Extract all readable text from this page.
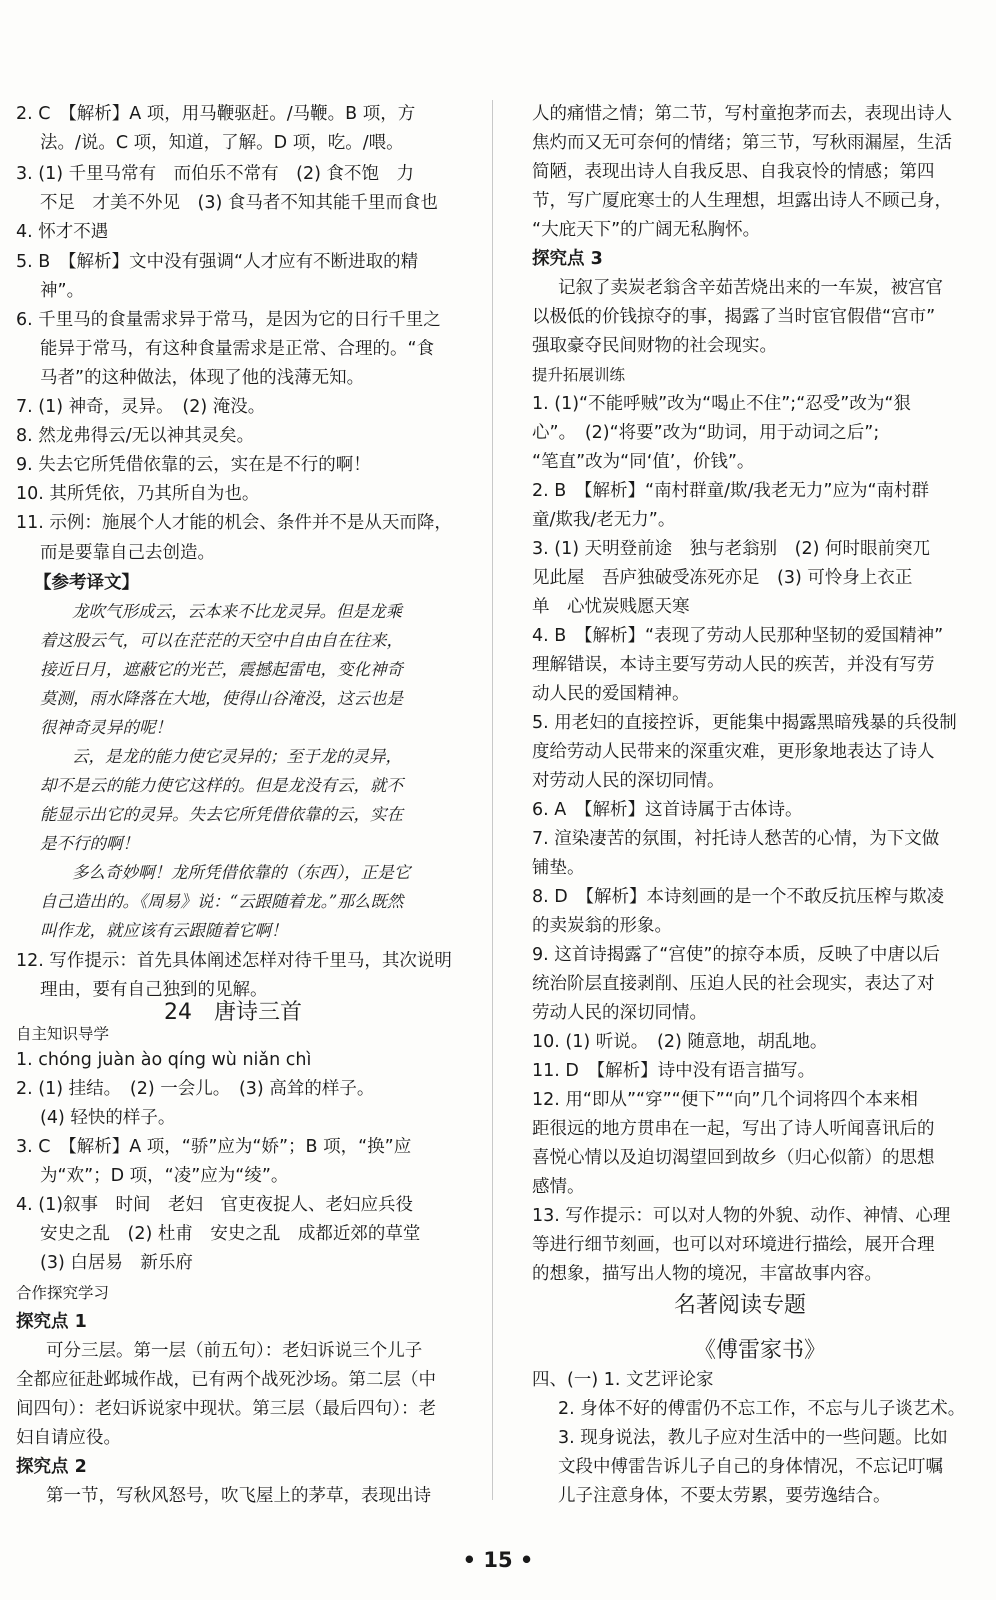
2. C　【解析】A 项，用马鞭驱赶。/马鞭。B 项，方
法。/说。C 项，知道，了解。D 项，吃。/喂。
3. (1) 千里马常有　而伯乐不常有　(2) 食不饱　力
不足　才美不外见　(3) 食马者不知其能千里而食也
4. 怀才不遇
5. B　【解析】文中没有强调“人才应有不断进取的精
神”。
6. 千里马的食量需求异于常马，是因为它的日行千里之
能异于常马，有这种食量需求是正常、合理的。“食
马者”的这种做法，体现了他的浅薄无知。
7. (1) 神奇，灵异。　(2) 淹没。
8. 然龙弗得云/无以神其灵矣。
9. 失去它所凭借依靠的云，实在是不行的啊！
10. 其所凭依，乃其所自为也。
11. 示例：施展个人才能的机会、条件并不是从天而降，
而是要靠自己去创造。
【参考译文】
龙吹气形成云，云本来不比龙灵异。但是龙乘
着这股云气，可以在茫茫的天空中自由自在往来，
接近日月，遮蔽它的光芒，震撼起雷电，变化神奇
莫测，雨水降落在大地，使得山谷淹没，这云也是
很神奇灵异的呢！
云，是龙的能力使它灵异的；至于龙的灵异，
却不是云的能力使它这样的。但是龙没有云，就不
能显示出它的灵异。失去它所凭借依靠的云，实在
是不行的啊！
多么奇妙啊！龙所凭借依靠的（东西），正是它
自己造出的。《周易》说：“云跟随着龙。”那么既然
叫作龙，就应该有云跟随着它啊！
12. 写作提示：首先具体阐述怎样对待千里马，其次说明
理由，要有自己独到的见解。
24　唐诗三首
自主知识导学
1. chóng juàn ào qíng wù niǎn chì
2. (1) 挂结。　(2) 一会儿。　(3) 高耸的样子。
(4) 轻快的样子。
3. C　【解析】A 项，“骄”应为“娇”；B 项，“换”应
为“欢”；D 项，“凌”应为“绫”。
4. (1)叙事　时间　老妇　官吏夜捉人、老妇应兵役
安史之乱　(2) 杜甫　安史之乱　成都近郊的草堂
(3) 白居易　新乐府
合作探究学习
探究点 1
可分三层。第一层（前五句）：老妇诉说三个儿子
全都应征赴邺城作战，已有两个战死沙场。第二层（中
间四句）：老妇诉说家中现状。第三层（最后四句）：老
妇自请应役。
探究点 2
第一节，写秋风怒号，吹飞屋上的茅草，表现出诗
人的痛惜之情；第二节，写村童抱茅而去，表现出诗人
焦灼而又无可奈何的情绪；第三节，写秋雨漏屋，生活
简陋，表现出诗人自我反思、自我哀怜的情感；第四
节，写广厦庇寒士的人生理想，坦露出诗人不顾己身，
“大庇天下”的广阔无私胸怀。
探究点 3
记叙了卖炭老翁含辛茹苦烧出来的一车炭，被宫官
以极低的价钱掠夺的事，揭露了当时宦官假借“宫市”
强取豪夺民间财物的社会现实。
提升拓展训练
1. (1)“不能呼贼”改为“喝止不住”;“忍受”改为“狠
心”。　(2)“将要”改为“助词，用于动词之后”;
“笔直”改为“同‘值’，价钱”。
2. B　【解析】“南村群童/欺/我老无力”应为“南村群
童/欺我/老无力”。
3. (1) 天明登前途　独与老翁别　(2) 何时眼前突兀
见此屋　吾庐独破受冻死亦足　(3) 可怜身上衣正
单　心忧炭贱愿天寒
4. B　【解析】“表现了劳动人民那种坚韧的爱国精神”
理解错误，本诗主要写劳动人民的疾苦，并没有写劳
动人民的爱国精神。
5. 用老妇的直接控诉，更能集中揭露黑暗残暴的兵役制
度给劳动人民带来的深重灾难，更形象地表达了诗人
对劳动人民的深切同情。
6. A　【解析】这首诗属于古体诗。
7. 渲染凄苦的氛围，衬托诗人愁苦的心情，为下文做
铺垫。
8. D　【解析】本诗刻画的是一个不敢反抗压榨与欺凌
的卖炭翁的形象。
9. 这首诗揭露了“宫使”的掠夺本质，反映了中唐以后
统治阶层直接剥削、压迫人民的社会现实，表达了对
劳动人民的深切同情。
10. (1) 听说。　(2) 随意地，胡乱地。
11. D　【解析】诗中没有语言描写。
12. 用“即从”“穿”“便下”“向”几个词将四个本来相
距很远的地方贯串在一起，写出了诗人听闻喜讯后的
喜悦心情以及迫切渴望回到故乡（归心似箭）的思想
感情。
13. 写作提示：可以对人物的外貌、动作、神情、心理
等进行细节刻画，也可以对环境进行描绘，展开合理
的想象，描写出人物的境况，丰富故事内容。
名著阅读专题
《傅雷家书》
四、(一) 1. 文艺评论家
2. 身体不好的傅雷仍不忘工作，不忘与儿子谈艺术。
3. 现身说法，教儿子应对生活中的一些问题。比如
文段中傅雷告诉儿子自己的身体情况，不忘记叮嘱
儿子注意身体，不要太劳累，要劳逸结合。
• 15 •
